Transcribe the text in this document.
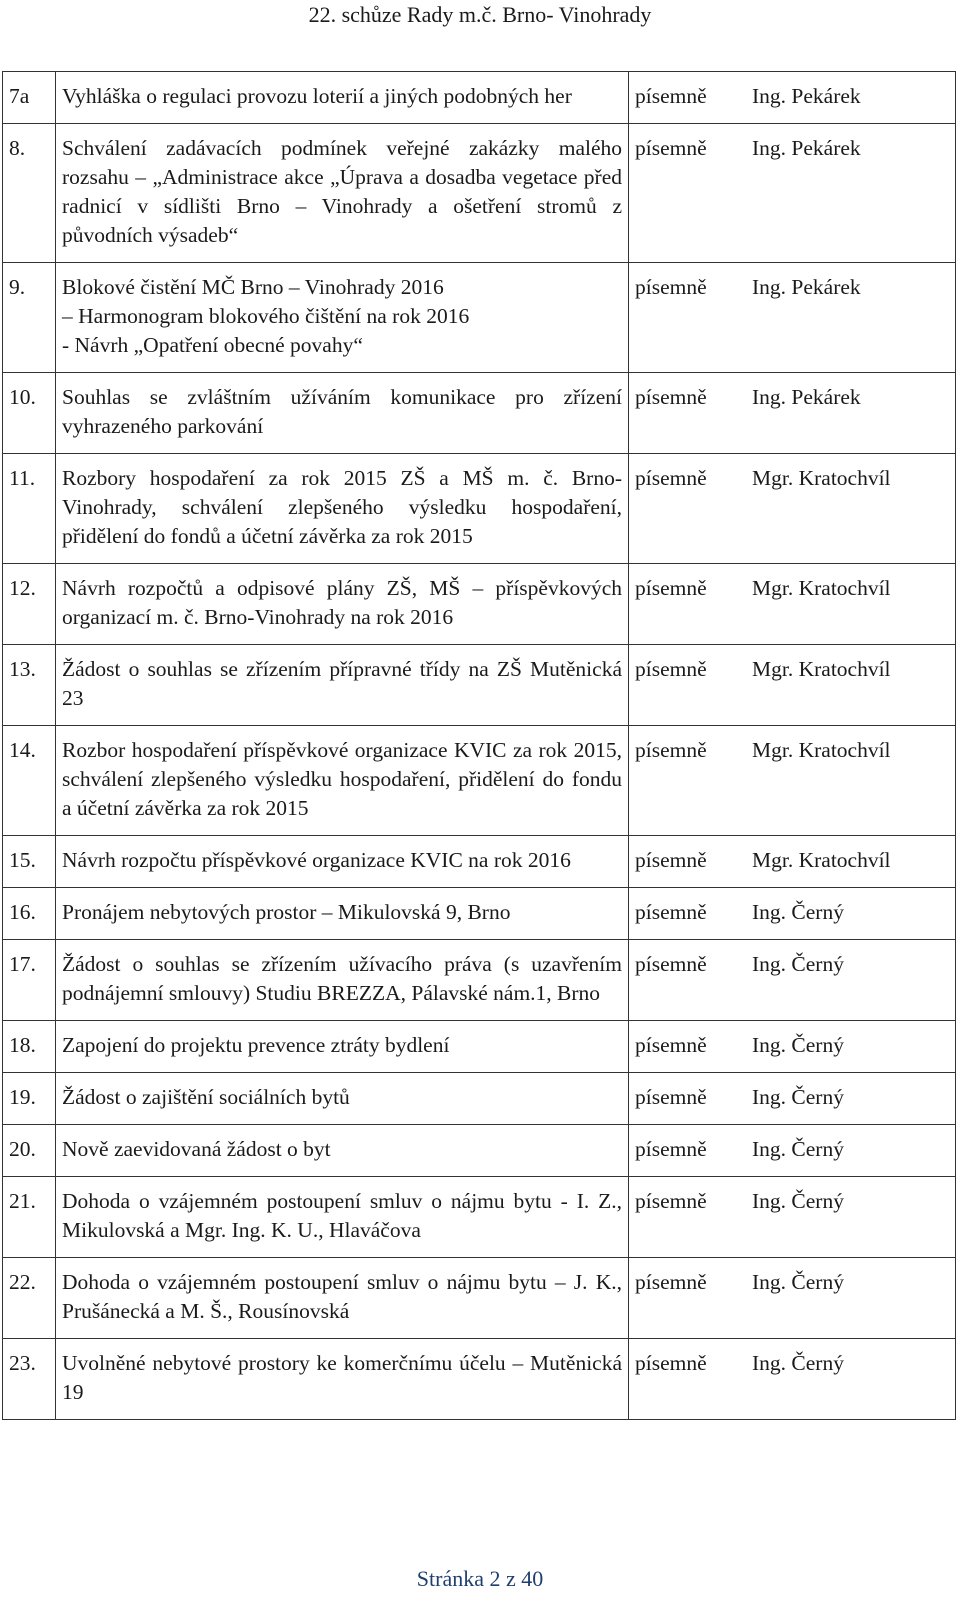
22. schůze Rady m.č. Brno- Vinohrady
7a	Vyhláška o regulaci provozu loterií a jiných podobných her	písemně	Ing. Pekárek
8.	Schválení zadávacích podmínek veřejné zakázky malého rozsahu – „Administrace akce „Úprava a dosadba vegetace před radnicí v sídlišti Brno – Vinohrady a ošetření stromů z původních výsadeb“	písemně	Ing. Pekárek
9.	Blokové čistění MČ Brno – Vinohrady 2016
– Harmonogram blokového čištění na rok 2016
- Návrh „Opatření obecné povahy“	písemně	Ing. Pekárek
10.	Souhlas se zvláštním užíváním komunikace pro zřízení vyhrazeného parkování	písemně	Ing. Pekárek
11.	Rozbory hospodaření za rok 2015 ZŠ a MŠ m. č. Brno-Vinohrady, schválení zlepšeného výsledku hospodaření, přidělení do fondů a účetní závěrka za rok 2015	písemně	Mgr. Kratochvíl
12.	Návrh rozpočtů a odpisové plány ZŠ, MŠ – příspěvkových organizací m. č. Brno-Vinohrady na rok 2016	písemně	Mgr. Kratochvíl
13.	Žádost o souhlas se zřízením přípravné třídy na ZŠ Mutěnická 23	písemně	Mgr. Kratochvíl
14.	Rozbor hospodaření příspěvkové organizace KVIC za rok 2015, schválení zlepšeného výsledku hospodaření, přidělení do fondu a účetní závěrka za rok 2015	písemně	Mgr. Kratochvíl
15.	Návrh rozpočtu příspěvkové organizace KVIC na rok 2016	písemně	Mgr. Kratochvíl
16.	Pronájem nebytových prostor – Mikulovská 9, Brno	písemně	Ing. Černý
17.	Žádost o souhlas se zřízením užívacího práva (s uzavřením podnájemní smlouvy) Studiu BREZZA, Pálavské nám.1, Brno	písemně	Ing. Černý
18.	Zapojení do projektu prevence ztráty bydlení	písemně	Ing. Černý
19.	Žádost o zajištění sociálních bytů	písemně	Ing. Černý
20.	Nově zaevidovaná žádost o byt	písemně	Ing. Černý
21.	Dohoda o vzájemném postoupení smluv o nájmu bytu - I. Z., Mikulovská a Mgr. Ing. K. U., Hlaváčova	písemně	Ing. Černý
22.	Dohoda o vzájemném postoupení smluv o nájmu bytu – J. K., Prušánecká a M. Š., Rousínovská	písemně	Ing. Černý
23.	Uvolněné nebytové prostory ke komerčnímu účelu – Mutěnická 19	písemně	Ing. Černý
Stránka 2 z 40
